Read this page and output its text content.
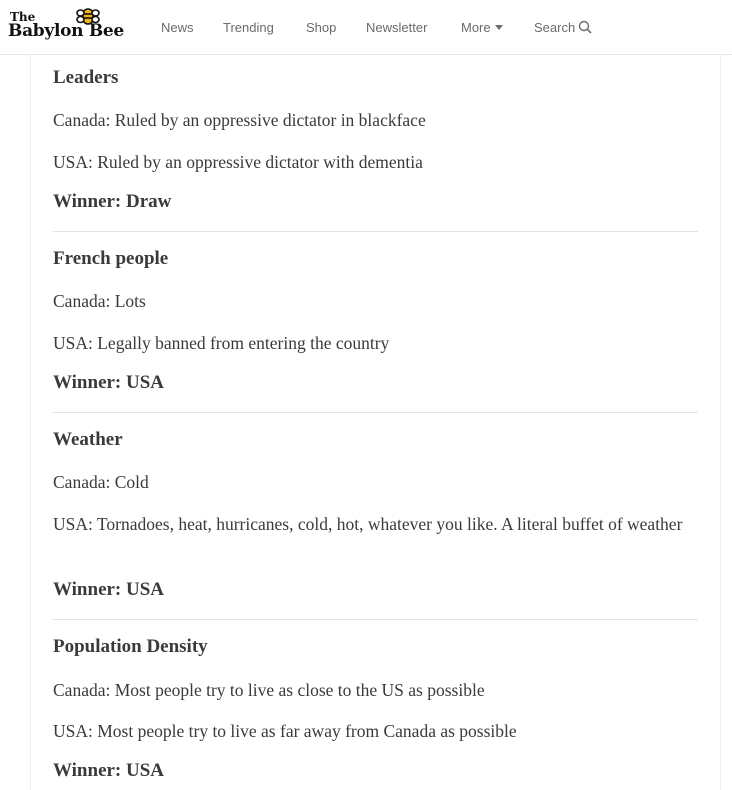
The
Babylon Bee	News Trending Shop Newsletter	More	Search
Leaders
Canada: Ruled by an oppressive dictator in blackface
USA: Ruled by an oppressive dictator with dementia
Winner: Draw
French people
Canada: Lots
USA: Legally banned from entering the country
Winner: USA
Weather
Canada: Cold
USA: Tornadoes, heat, hurricanes, cold, hot, whatever you like. A literal buffet of weather
Winner: USA
Population Density
Canada: Most people try to live as close to the US as possible
USA: Most people try to live as far away from Canada as possible
Winner: USA
